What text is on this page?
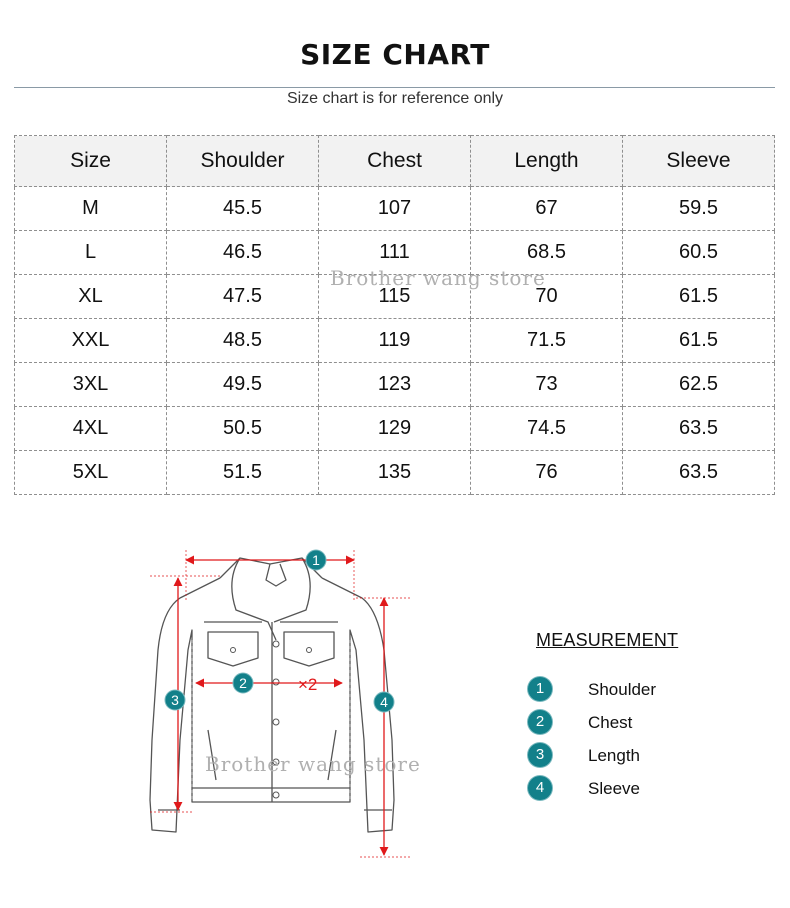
SIZE CHART
Size chart is for reference only
Size	Shoulder	Chest	Length	Sleeve
M	45.5	107	67	59.5
L	46.5	111	68.5	60.5
XL	47.5	115	70	61.5
XXL	48.5	119	71.5	61.5
3XL	49.5	123	73	62.5
4XL	50.5	129	74.5	63.5
5XL	51.5	135	76	63.5
Brother wang store
1
2	×2
3	4
Brother wang store
MEASUREMENT
1	Shoulder
2	Chest
3	Length
4	Sleeve
